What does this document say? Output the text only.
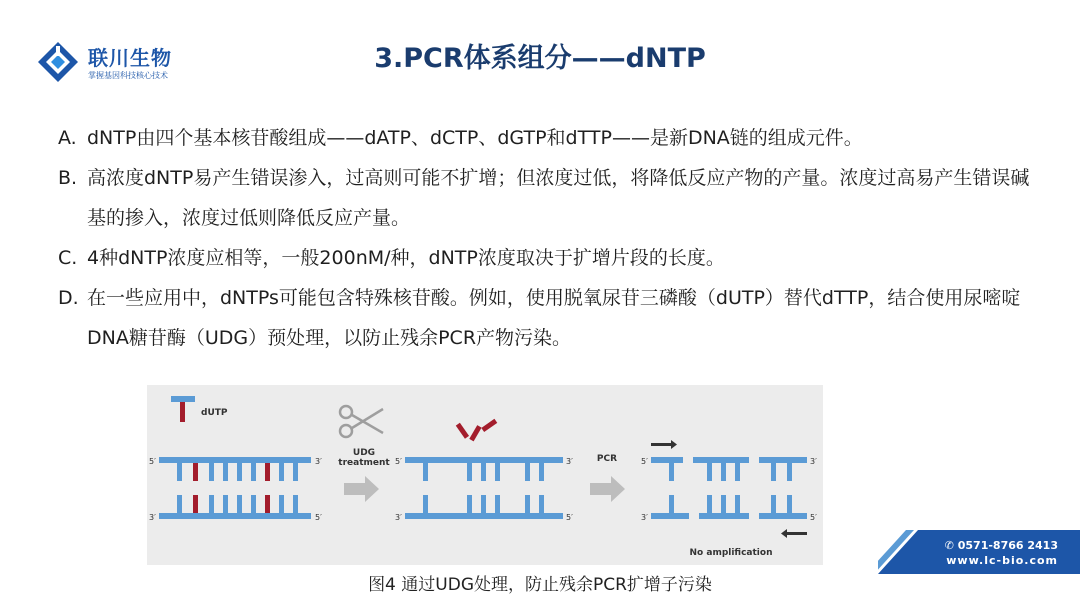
联川生物
掌握基因科技核心技术
3.PCR体系组分——dNTP
A. dNTP由四个基本核苷酸组成——dATP、dCTP、dGTP和dTTP——是新DNA链的组成元件。
B. 高浓度dNTP易产生错误渗入，过高则可能不扩增；但浓度过低，将降低反应产物的产量。浓度过高易产生错误碱基的掺入，浓度过低则降低反应产量。
C. 4种dNTP浓度应相等，一般200nM/种，dNTP浓度取决于扩增片段的长度。
D. 在一些应用中，dNTPs可能包含特殊核苷酸。例如，使用脱氧尿苷三磷酸（dUTP）替代dTTP，结合使用尿嘧啶DNA糖苷酶（UDG）预处理，以防止残余PCR产物污染。
dUTP
5′	3′
3′	5′
UDG
treatment 5′	3′
3′	5′
PCR	5′	3′
3′	5′
No amplification
图4 通过UDG处理，防止残余PCR扩增子污染
✆ 0571-8766 2413
www.lc-bio.com
